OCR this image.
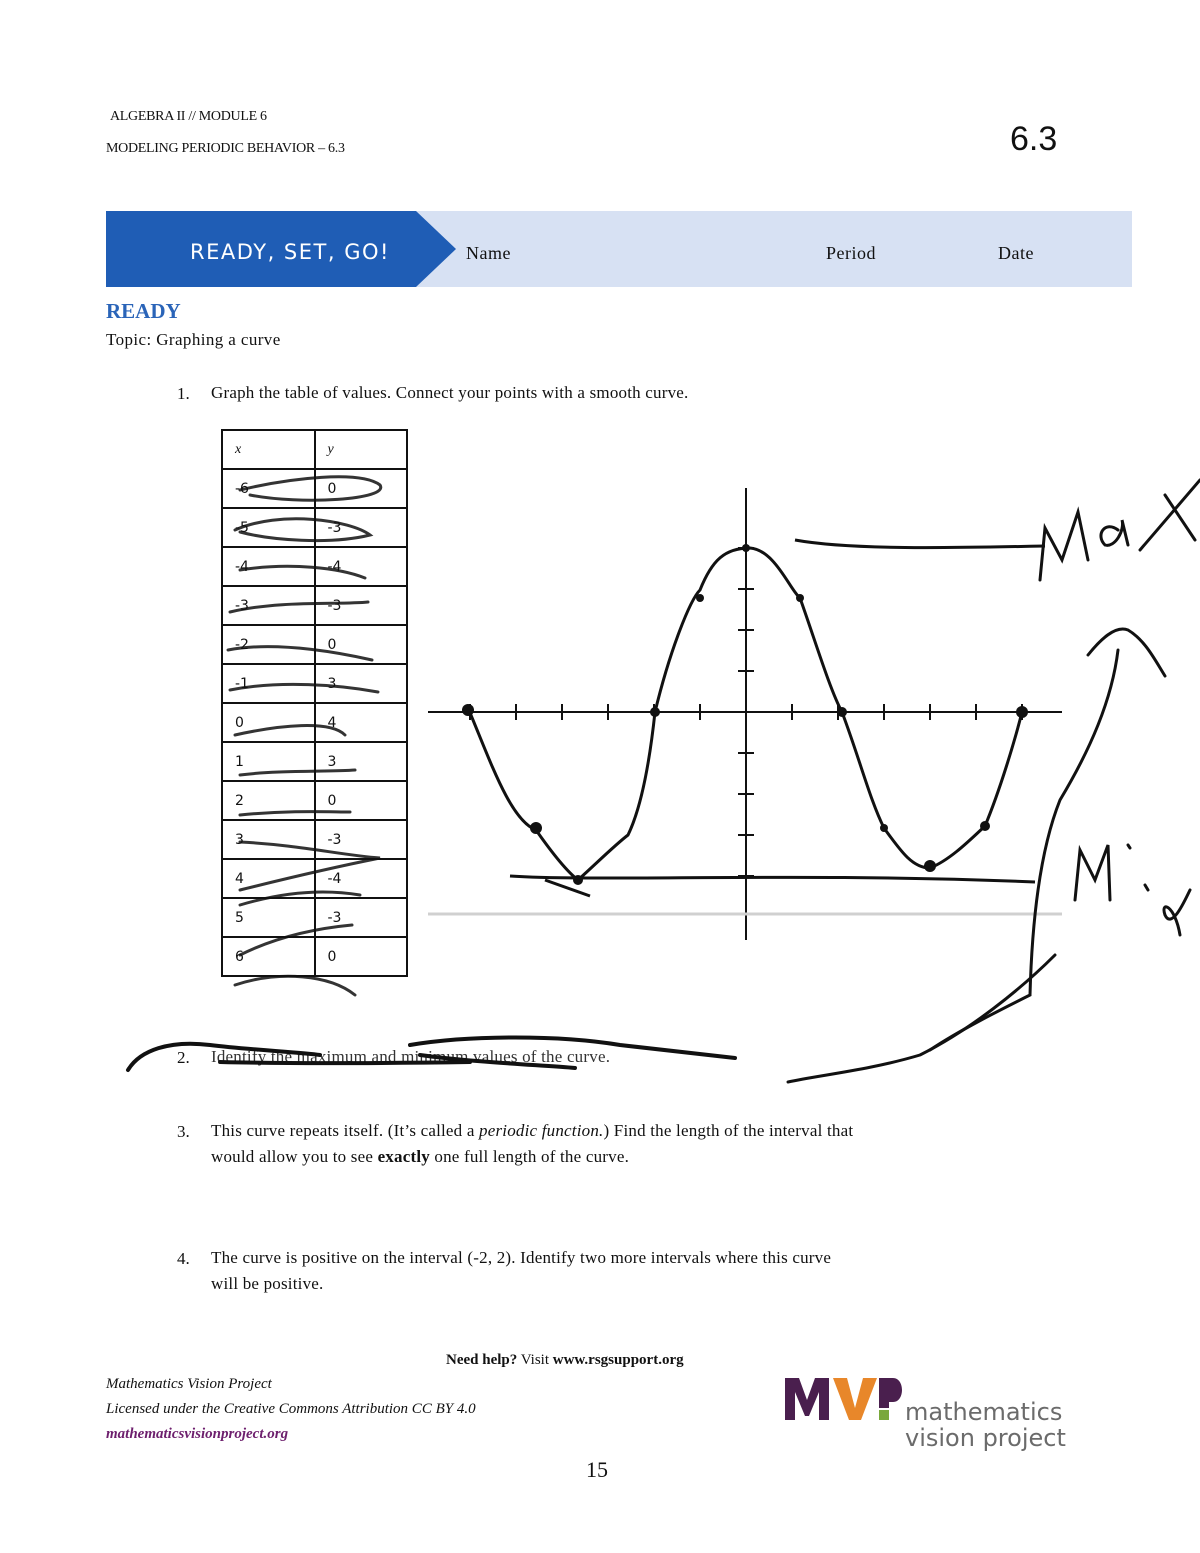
ALGEBRA II // MODULE 6
MODELING PERIODIC BEHAVIOR – 6.3	6.3
READY, SET, GO!	Name	Period	Date
READY
Topic: Graphing a curve
1. Graph the table of values. Connect your points with a smooth curve.
x	y
-6	0
-5	-3
-4	-4
-3	-3
-2	0
-1	3
0	4
1	3
2	0
3	-3
4	-4
5	-3
6	0
2. Identify the maximum and minimum values of the curve.
3. This curve repeats itself. (It’s called a periodic function.) Find the length of the interval that
would allow you to see exactly one full length of the curve.
4. The curve is positive on the interval (-2, 2). Identify two more intervals where this curve
will be positive.
Need help? Visit www.rsgsupport.org
Mathematics Vision Project
Licensed under the Creative Commons Attribution CC BY 4.0
mathematicsvisionproject.org
mathematics
vision project
15
